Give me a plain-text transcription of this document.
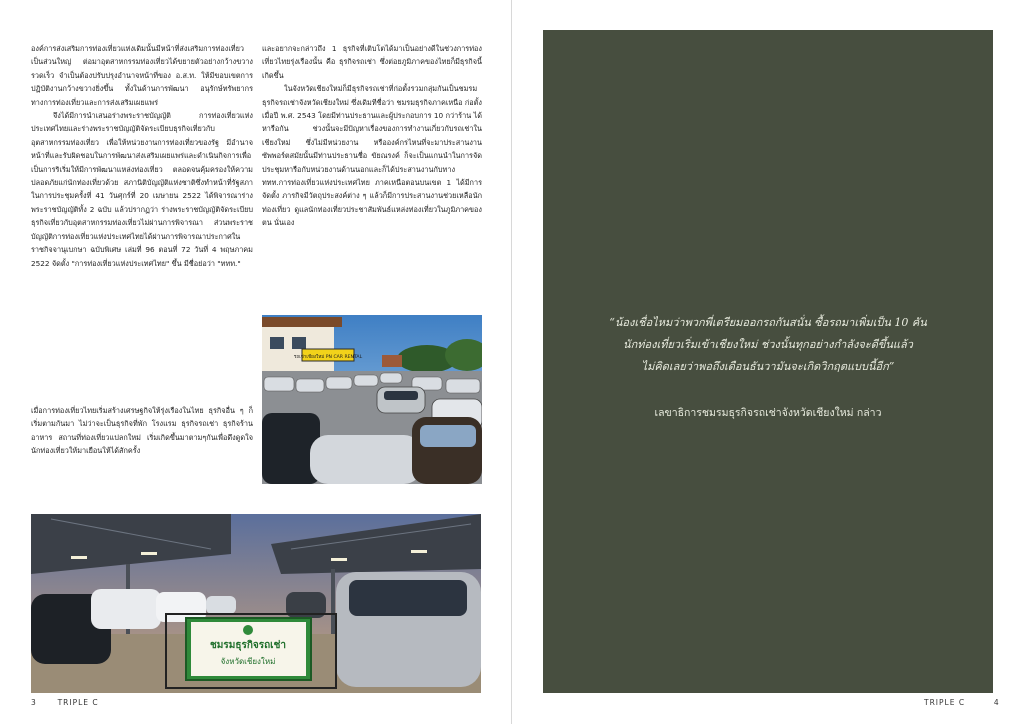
องค์การส่งเสริมการท่องเที่ยวแห่งเดิมนั้นมีหน้าที่ส่งเสริมการท่องเที่ยวเป็นส่วนใหญ่ ต่อมาอุตสาหกรรมท่องเที่ยวได้ขยายตัวอย่างกว้างขวางรวดเร็ว จำเป็นต้องปรับปรุงอำนาจหน้าที่ของ อ.ส.ท. ให้มีขอบเขตการปฏิบัติงานกว้างขวางยิ่งขึ้น ทั้งในด้านการพัฒนา อนุรักษ์ทรัพยากรทางการท่องเที่ยวและการส่งเสริมเผยแพร่

จึงได้มีการนำเสนอร่างพระราชบัญญัติ การท่องเที่ยวแห่งประเทศไทยและร่างพระราชบัญญัติจัดระเบียบธุรกิจเที่ยวกับอุตสาหกรรมท่องเที่ยว เพื่อให้หน่วยงานการท่องเที่ยวของรัฐ มีอำนาจหน้าที่และรับผิดชอบในการพัฒนาส่งเสริมเผยแพร่และดำเนินกิจการเพื่อเป็นการริเริ่มให้มีการพัฒนาแหล่งท่องเที่ยว ตลอดจนคุ้มครองให้ความปลอดภัยแก่นักท่องเที่ยวด้วย สภานิติบัญญัติแห่งชาติซึ่งทำหน้าที่รัฐสภาในการประชุมครั้งที่ 41 วันศุกร์ที่ 20 เมษายน 2522 ได้พิจารณาร่างพระราชบัญญัติทั้ง 2 ฉบับ แล้วปรากฏว่า ร่างพระราชบัญญัติจัดระเบียบธุรกิจเที่ยวกับอุตสาหกรรมท่องเที่ยวไม่ผ่านการพิจารณา ส่วนพระราชบัญญัติการท่องเที่ยวแห่งประเทศไทยได้ผ่านการพิจารณาประกาศในราชกิจจานุเบกษา ฉบับพิเศษ เล่มที่ 96 ตอนที่ 72 วันที่ 4 พฤษภาคม 2522 จัดตั้ง "การท่องเที่ยวแห่งประเทศไทย" ขึ้น มีชื่อย่อว่า "ททท."

เมื่อการท่องเที่ยวไทยเริ่มสร้างเศรษฐกิจให้รุ่งเรืองในไทย ธุรกิจอื่น ๆ ก็เริ่มตามกันมา ไม่ว่าจะเป็นธุรกิจที่พัก โรงแรม ธุรกิจรถเช่า ธุรกิจร้านอาหาร สถานที่ท่องเที่ยวแปลกใหม่ เริ่มเกิดขึ้นมาตามๆกันเพื่อดึงดูดใจนักท่องเที่ยวให้มาเยือนให้ได้สักครั้ง

และอยากจะกล่าวถึง 1 ธุรกิจที่เติบโตได้มาเป็นอย่างดีในช่วงการท่องเที่ยวไทยรุ่งเรืองนั้น คือ ธุรกิจรถเช่า ซึ่งต่อยภูมิภาคของไทยก็มีธุรกิจนี้เกิดขึ้น

ในจังหวัดเชียงใหม่ก็มีธุรกิจรถเช่าที่ก่อตั้งรวมกลุ่มกันเป็นชมรมธุรกิจรถเช่าจังหวัดเชียงใหม่ ซึ่งเดิมทีชื่อว่า ชมรมธุรกิจภาคเหนือ ก่อตั้งเมื่อปี พ.ศ. 2543 โดยมีท่านประธานและผู้ประกอบการ 10 กว่าร้าน ได้หารือกัน ช่วงนั้นจะมีปัญหาเรื่องของการทำงานเกี่ยวกับรถเช่าในเชียงใหม่ ซึ่งไม่มีหน่วยงาน หรือองค์กรไหนที่จะมาประสานงานซัพพอร์ตสมัยนั้นมีท่านประธานชื่อ ขัยณรงค์ ก็จะเป็นแกนนำในการจัดประชุมหารือกับหน่วยงานด้านนอกและก็ได้ประสานงานกับทางททท.การท่องเที่ยวแห่งประเทศไทย ภาคเหนือตอนบนเขต 1 ได้มีการจัดตั้ง ภารกิจมีวัตถุประสงค์ต่าง ๆ แล้วก็มีการประสานงานช่วยเหลือนักท่องเที่ยว ดูแลนักท่องเที่ยวประชาสัมพันธ์แหล่งท่องเที่ยวในภูมิภาคของตน นั่นเอง

รถเช่าเชียงใหม่ PN CAR RENTAL
ชมรมธุรกิจรถเช่า
จังหวัดเชียงใหม่
3	TRIPLE C
“น้องเชื่อไหมว่าพวกพี่เตรียมออกรถกันสนั่น ซื้อรถมาเพิ่มเป็น 10 คัน
นักท่องเที่ยวเริ่มเข้าเชียงใหม่ ช่วงนั้นทุกอย่างกำลังจะดีขึ้นแล้ว
ไม่คิดเลยว่าพอถึงเดือนธันวามันจะเกิดวิกฤตแบบนี้อีก”
เลขาธิการชมรมธุรกิจรถเช่าจังหวัดเชียงใหม่ กล่าว
TRIPLE C	4
